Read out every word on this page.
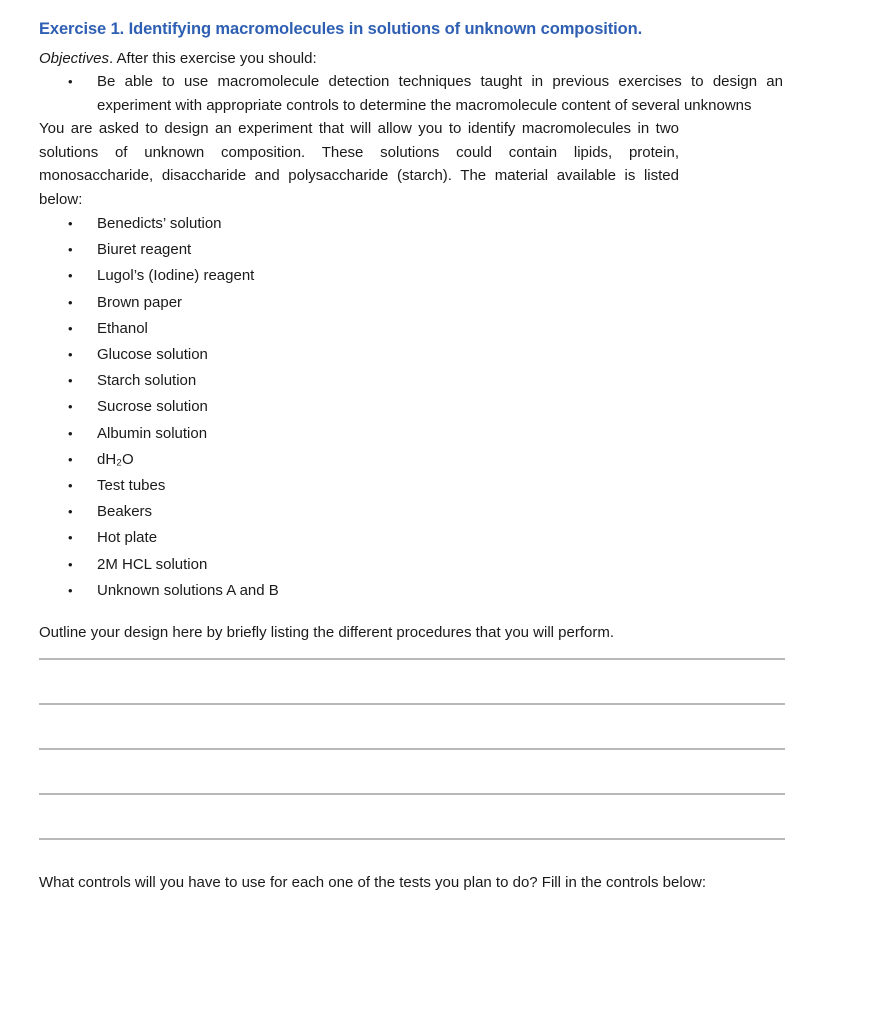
Exercise 1. Identifying macromolecules in solutions of unknown composition.

Objectives. After this exercise you should:

• Be able to use macromolecule detection techniques taught in previous exercises to design an experiment with appropriate controls to determine the macromolecule content of several unknowns

You are asked to design an experiment that will allow you to identify macromolecules in two solutions of unknown composition. These solutions could contain lipids, protein, monosaccharide, disaccharide and polysaccharide (starch). The material available is listed below:

• Benedicts’ solution
• Biuret reagent
• Lugol’s (Iodine) reagent
• Brown paper
• Ethanol
• Glucose solution
• Starch solution
• Sucrose solution
• Albumin solution
• dH₂O
• Test tubes
• Beakers
• Hot plate
• 2M HCL solution
• Unknown solutions A and B

Outline your design here by briefly listing the different procedures that you will perform.

What controls will you have to use for each one of the tests you plan to do? Fill in the controls below:
